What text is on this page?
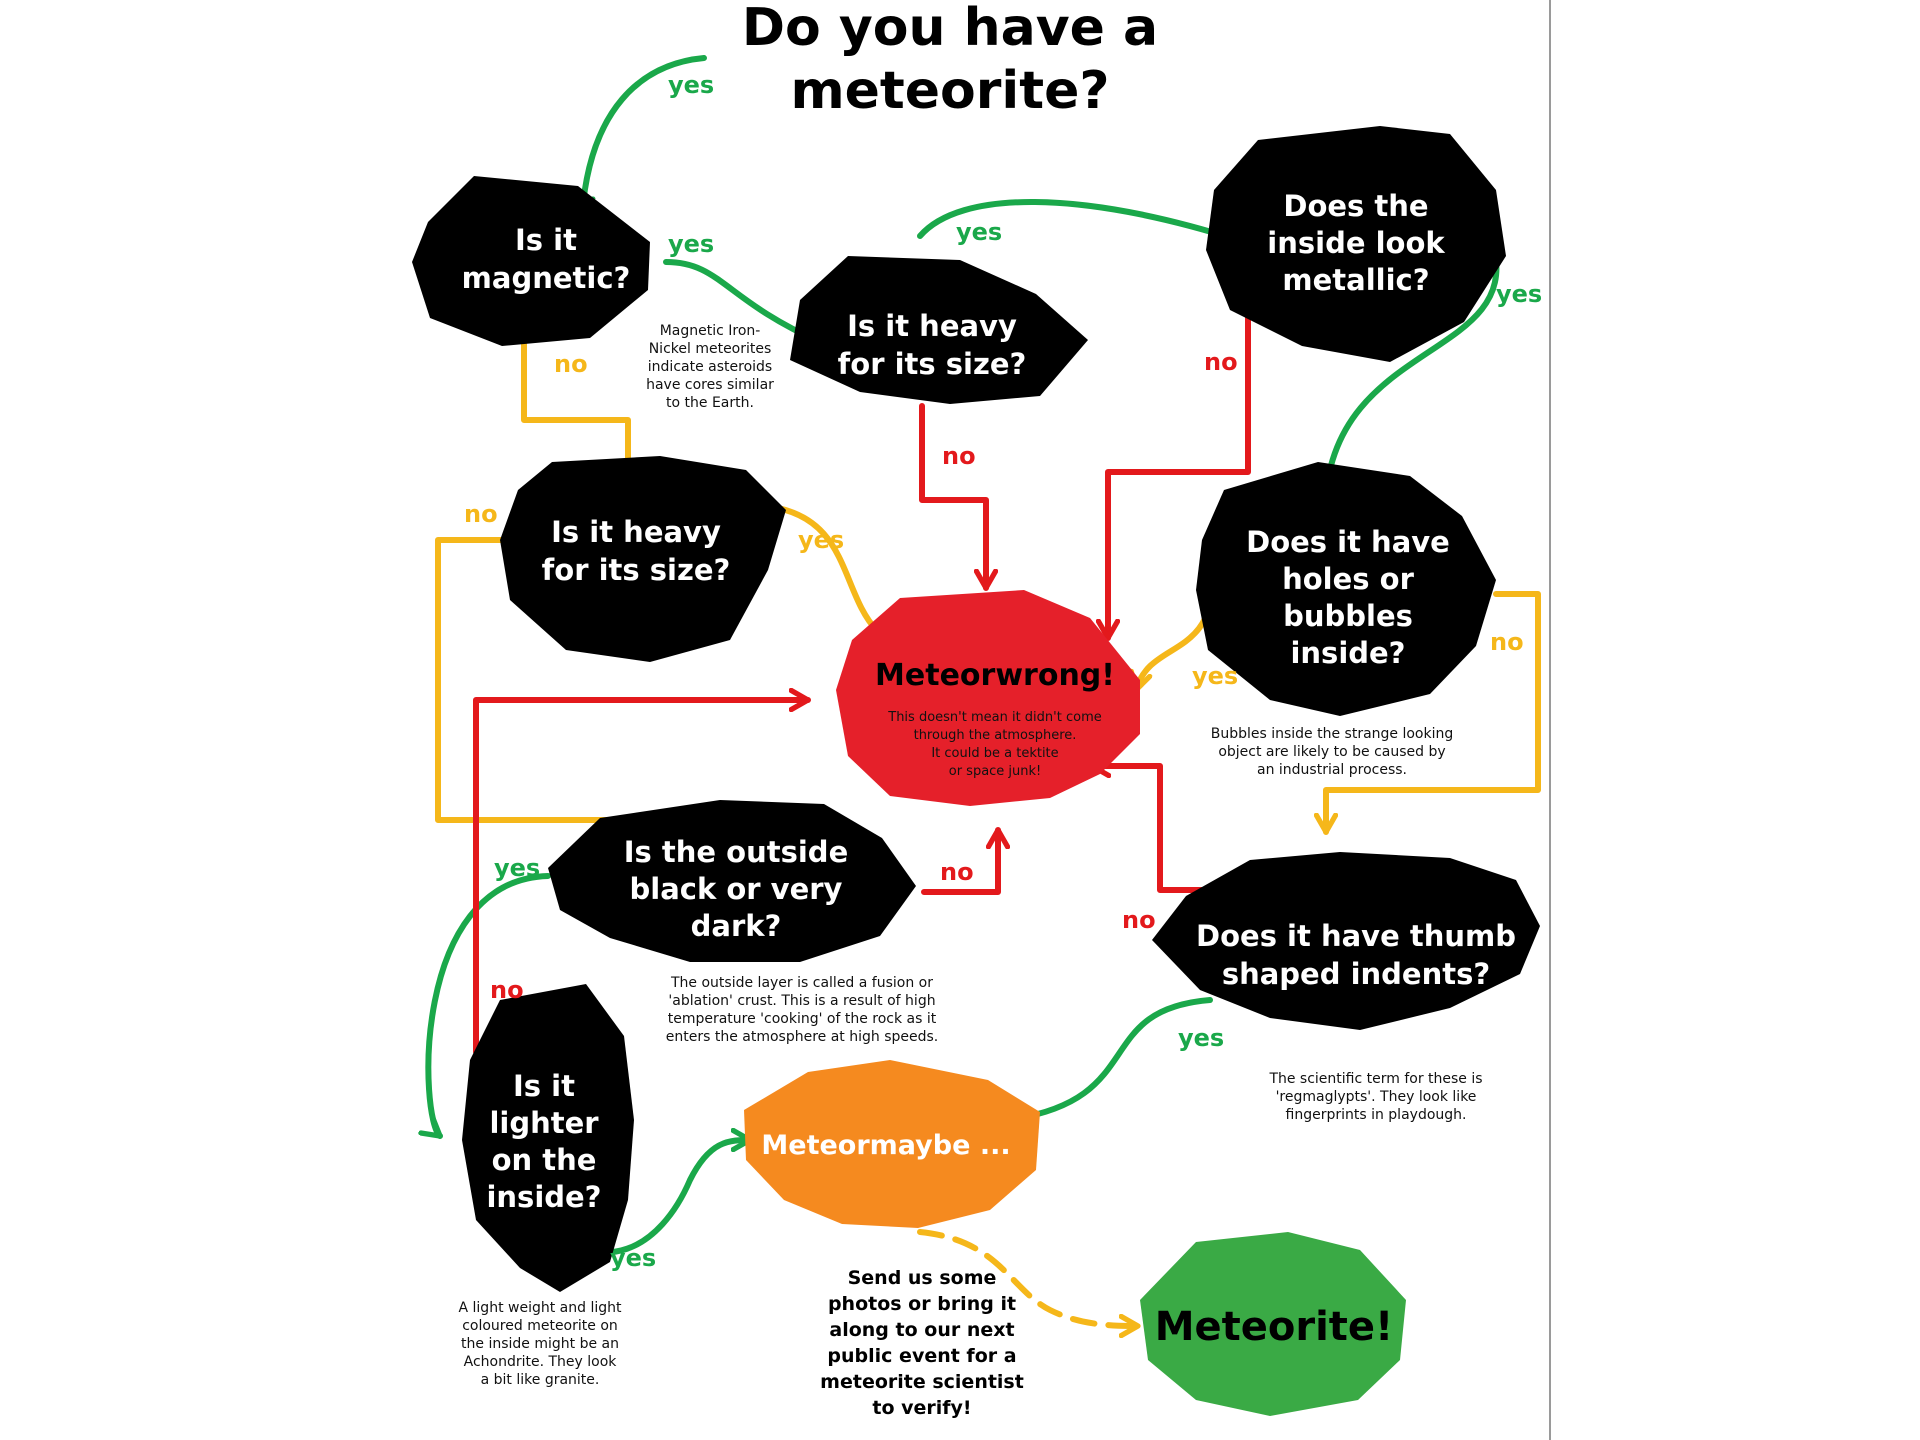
Do you have a
meteorite?
Is it
magnetic?
Is it heavy
for its size?
Does the
inside look
metallic?
Is it heavy
for its size?
Does it have
holes or
bubbles
inside?
Is the outside
black or very
dark?	Does it have thumb
shaped indents?
Is it
lighter
on the
inside?
Meteorwrong!
This doesn't mean it didn't come
through the atmosphere.
It could be a tektite
or space junk!
Meteormaybe ...
Meteorite!
Magnetic Iron-
Nickel meteorites
indicate asteroids
have cores similar
to the Earth.
Bubbles inside the strange looking
object are likely to be caused by
an industrial process.
The outside layer is called a fusion or
'ablation' crust. This is a result of high
temperature 'cooking' of the rock as it
enters the atmosphere at high speeds.
The scientific term for these is
'regmaglypts'. They look like
fingerprints in playdough.
A light weight and light
coloured meteorite on
the inside might be an
Achondrite. They look
a bit like granite.
Send us some
photos or bring it
along to our next
public event for a
meteorite scientist
to verify!
yes
yes	yes
yes
yes
yes
yes
no
no
yes
yes
no
no
no
no
no
no
